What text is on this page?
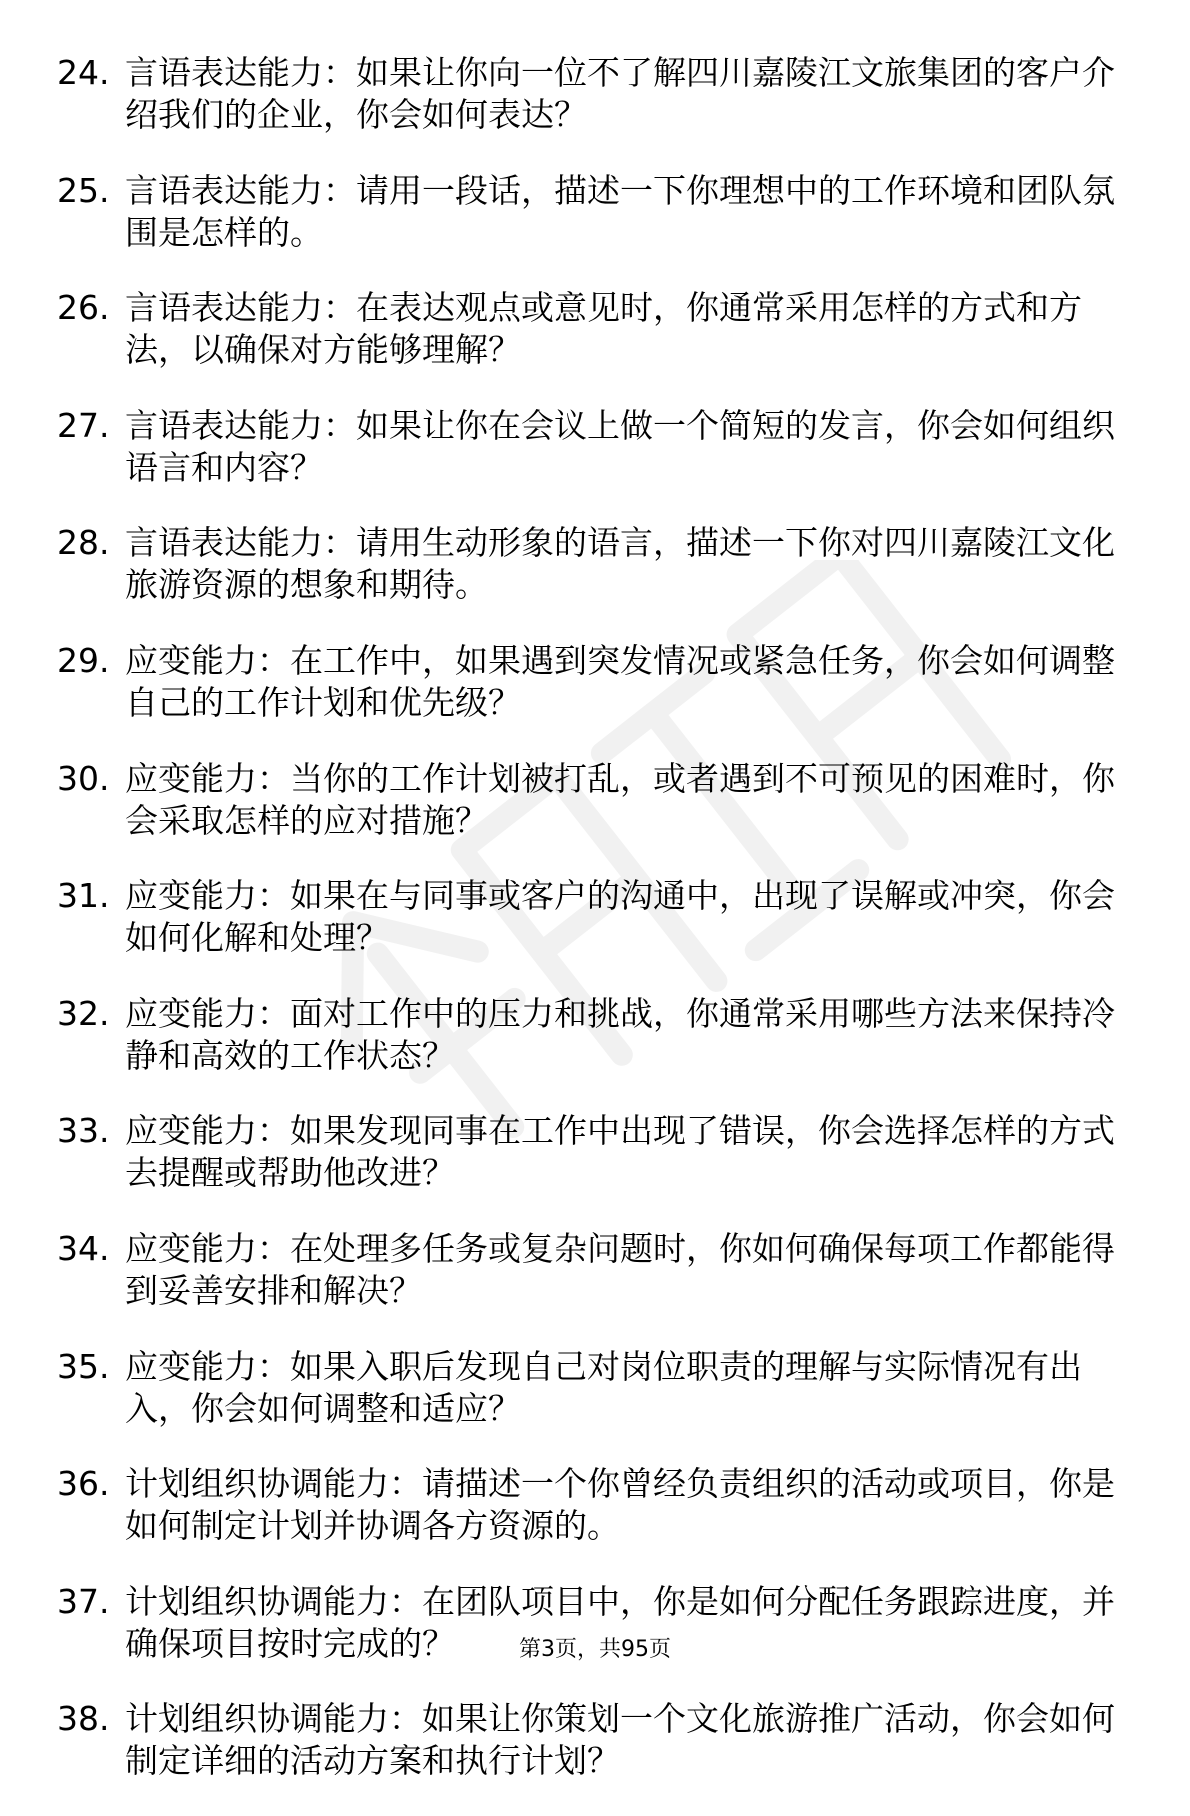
24. 言语表达能力：如果让你向一位不了解四川嘉陵江文旅集团的客户介绍我们的企业，你会如何表达？
25. 言语表达能力：请用一段话，描述一下你理想中的工作环境和团队氛围是怎样的。
26. 言语表达能力：在表达观点或意见时，你通常采用怎样的方式和方法，以确保对方能够理解？
27. 言语表达能力：如果让你在会议上做一个简短的发言，你会如何组织语言和内容？
28. 言语表达能力：请用生动形象的语言，描述一下你对四川嘉陵江文化旅游资源的想象和期待。
29. 应变能力：在工作中，如果遇到突发情况或紧急任务，你会如何调整自己的工作计划和优先级？
30. 应变能力：当你的工作计划被打乱，或者遇到不可预见的困难时，你会采取怎样的应对措施？
31. 应变能力：如果在与同事或客户的沟通中，出现了误解或冲突，你会如何化解和处理？
32. 应变能力：面对工作中的压力和挑战，你通常采用哪些方法来保持冷静和高效的工作状态？
33. 应变能力：如果发现同事在工作中出现了错误，你会选择怎样的方式去提醒或帮助他改进？
34. 应变能力：在处理多任务或复杂问题时，你如何确保每项工作都能得到妥善安排和解决？
35. 应变能力：如果入职后发现自己对岗位职责的理解与实际情况有出入，你会如何调整和适应？
36. 计划组织协调能力：请描述一个你曾经负责组织的活动或项目，你是如何制定计划并协调各方资源的。
37. 计划组织协调能力：在团队项目中，你是如何分配任务跟踪进度，并确保项目按时完成的？
38. 计划组织协调能力：如果让你策划一个文化旅游推广活动，你会如何制定详细的活动方案和执行计划？
第3页，共95页
